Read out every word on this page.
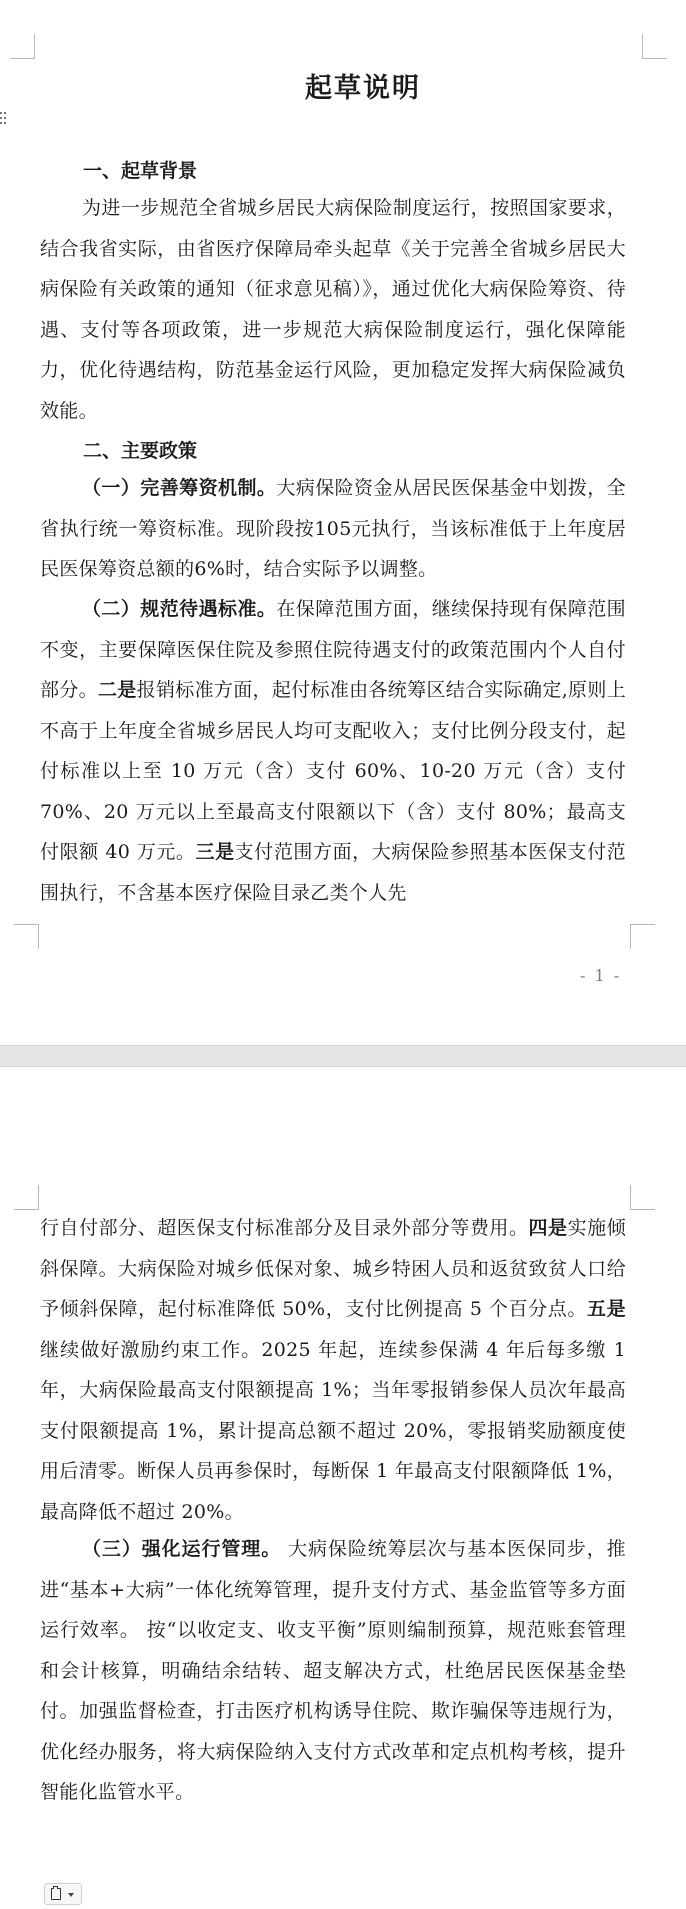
起草说明
一、起草背景

为进一步规范全省城乡居民大病保险制度运行，按照国家要求，结合我省实际，由省医疗保障局牵头起草《关于完善全省城乡居民大病保险有关政策的通知（征求意见稿）》，通过优化大病保险筹资、待遇、支付等各项政策，进一步规范大病保险制度运行，强化保障能力，优化待遇结构，防范基金运行风险，更加稳定发挥大病保险减负效能。

二、主要政策

（一）完善筹资机制。大病保险资金从居民医保基金中划拨，全省执行统一筹资标准。现阶段按105元执行，当该标准低于上年度居民医保筹资总额的6%时，结合实际予以调整。

（二）规范待遇标准。在保障范围方面，继续保持现有保障范围不变，主要保障医保住院及参照住院待遇支付的政策范围内个人自付部分。二是报销标准方面，起付标准由各统筹区结合实际确定,原则上不高于上年度全省城乡居民人均可支配收入；支付比例分段支付，起付标准以上至 10 万元（含）支付 60%、10-20 万元（含）支付 70%、20 万元以上至最高支付限额以下（含）支付 80%；最高支付限额 40 万元。三是支付范围方面，大病保险参照基本医保支付范围执行，不含基本医疗保险目录乙类个人先

- 1 -

行自付部分、超医保支付标准部分及目录外部分等费用。四是实施倾斜保障。大病保险对城乡低保对象、城乡特困人员和返贫致贫人口给予倾斜保障，起付标准降低 50%，支付比例提高 5 个百分点。五是继续做好激励约束工作。2025 年起，连续参保满 4 年后每多缴 1 年，大病保险最高支付限额提高 1%；当年零报销参保人员次年最高支付限额提高 1%，累计提高总额不超过 20%，零报销奖励额度使用后清零。断保人员再参保时，每断保 1 年最高支付限额降低 1%，最高降低不超过 20%。

（三）强化运行管理。 大病保险统筹层次与基本医保同步，推进“基本+大病”一体化统筹管理，提升支付方式、基金监管等多方面运行效率。 按“以收定支、收支平衡”原则编制预算，规范账套管理和会计核算，明确结余结转、超支解决方式，杜绝居民医保基金垫付。加强监督检查，打击医疗机构诱导住院、欺诈骗保等违规行为，优化经办服务，将大病保险纳入支付方式改革和定点机构考核，提升智能化监管水平。
